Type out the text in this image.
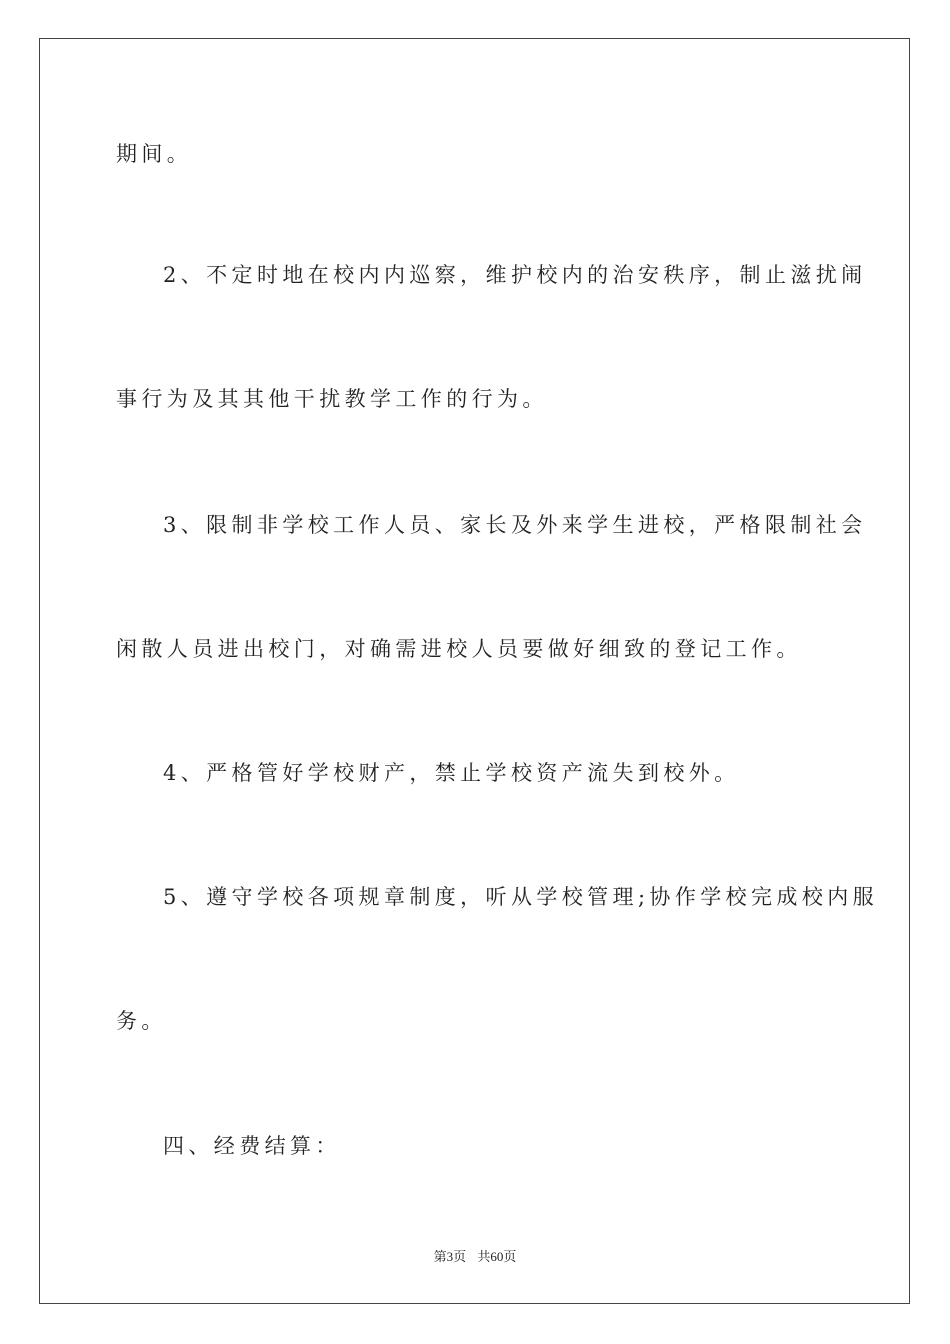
期间。
2、不定时地在校内内巡察，维护校内的治安秩序，制止滋扰闹
事行为及其其他干扰教学工作的行为。
3、限制非学校工作人员、家长及外来学生进校，严格限制社会
闲散人员进出校门，对确需进校人员要做好细致的登记工作。
4、严格管好学校财产，禁止学校资产流失到校外。
5、遵守学校各项规章制度，听从学校管理;协作学校完成校内服
务。
四、经费结算：
第3页 共60页
